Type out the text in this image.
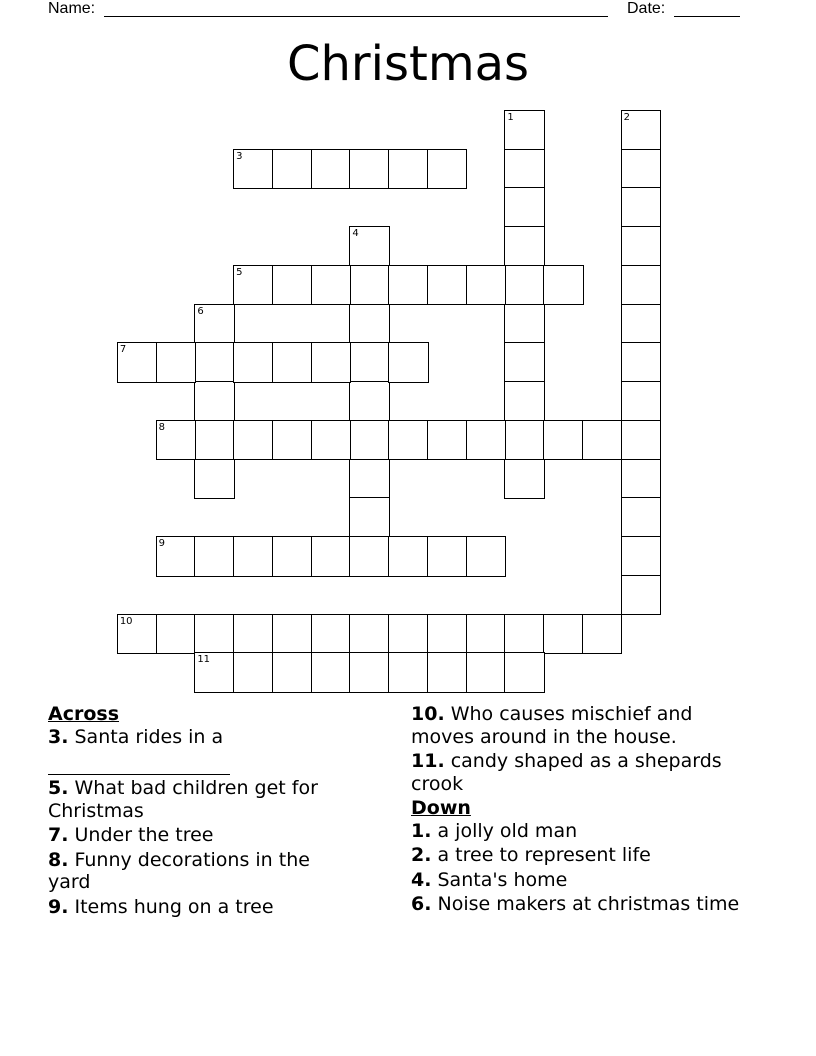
Name:	Date:
Christmas
1	2
3
4
5
6
7
8
9
10
11
Across
3. Santa rides in a
5. What bad children get for Christmas
7. Under the tree
8. Funny decorations in the yard
9. Items hung on a tree
10. Who causes mischief and moves around in the house.
11. candy shaped as a shepards crook
Down
1. a jolly old man
2. a tree to represent life
4. Santa's home
6. Noise makers at christmas time
